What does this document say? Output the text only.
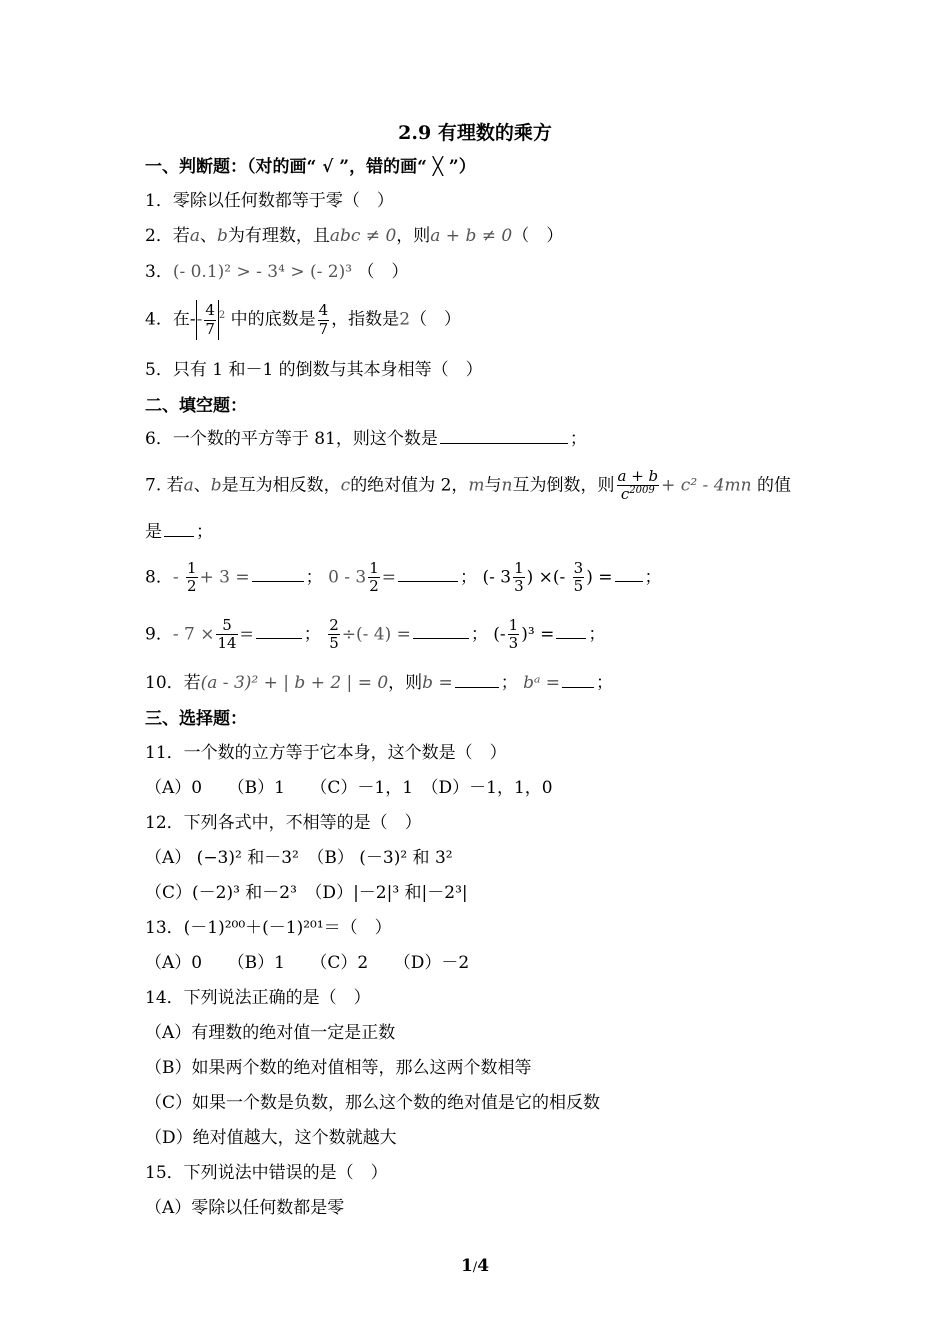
2.9 有理数的乘方
一、判断题：（对的画“ √ ”，错的画“ ╳ ”）
1．零除以任何数都等于零（　）
2．若a、b为有理数，且abc ≠ 0，则a + b ≠ 0（　）
3．(- 0.1)² > - 3⁴ > (- 2)³ （　）
4．在-- $\frac{4}{7} ^2$ 中的底数是 $\frac{4}{7}$ ，指数是2（　）
5．只有 1 和－1 的倒数与其本身相等（　）
二、填空题：
6．一个数的平方等于 81，则这个数是	；
7. 若a、b是互为相反数，c的绝对值为 2，m与n互为倒数，则 $\frac{a + b}{c^{2009}} + c^2 - 4mn$ 的值
是 ；
8．- $\frac{1}{2} + 3$ =	； $0 - 3 \frac{1}{2}$ =	； (- $3 \frac{1}{3}$ ) ×(- $\frac{3}{5}$ ) = ；
9．- $7 \times \frac{5}{14}$ =	； $\frac{2}{5}$ ÷(- 4) =	； (- $\frac{1}{3} )^3$ = ；
10．若(a - 3)² + | b + 2 | = 0，则b =	； bᵃ = ；
三、选择题：
11．一个数的立方等于它本身，这个数是（　）
（A）0　　（B）1　　（C）－1，1　（D）－1，1，0
12．下列各式中，不相等的是（　）
（A） (−3)² 和－3²　（B） (－3)² 和 3²
（C）(－2)³ 和－2³　（D）|－2|³ 和|－2³|
13．(－1)²⁰⁰＋(－1)²⁰¹＝（　）
（A）0　　（B）1　　（C）2　　（D）－2
14．下列说法正确的是（　）
（A）有理数的绝对值一定是正数
（B）如果两个数的绝对值相等，那么这两个数相等
（C）如果一个数是负数，那么这个数的绝对值是它的相反数
（D）绝对值越大，这个数就越大
15．下列说法中错误的是（　）
（A）零除以任何数都是零
1/4
